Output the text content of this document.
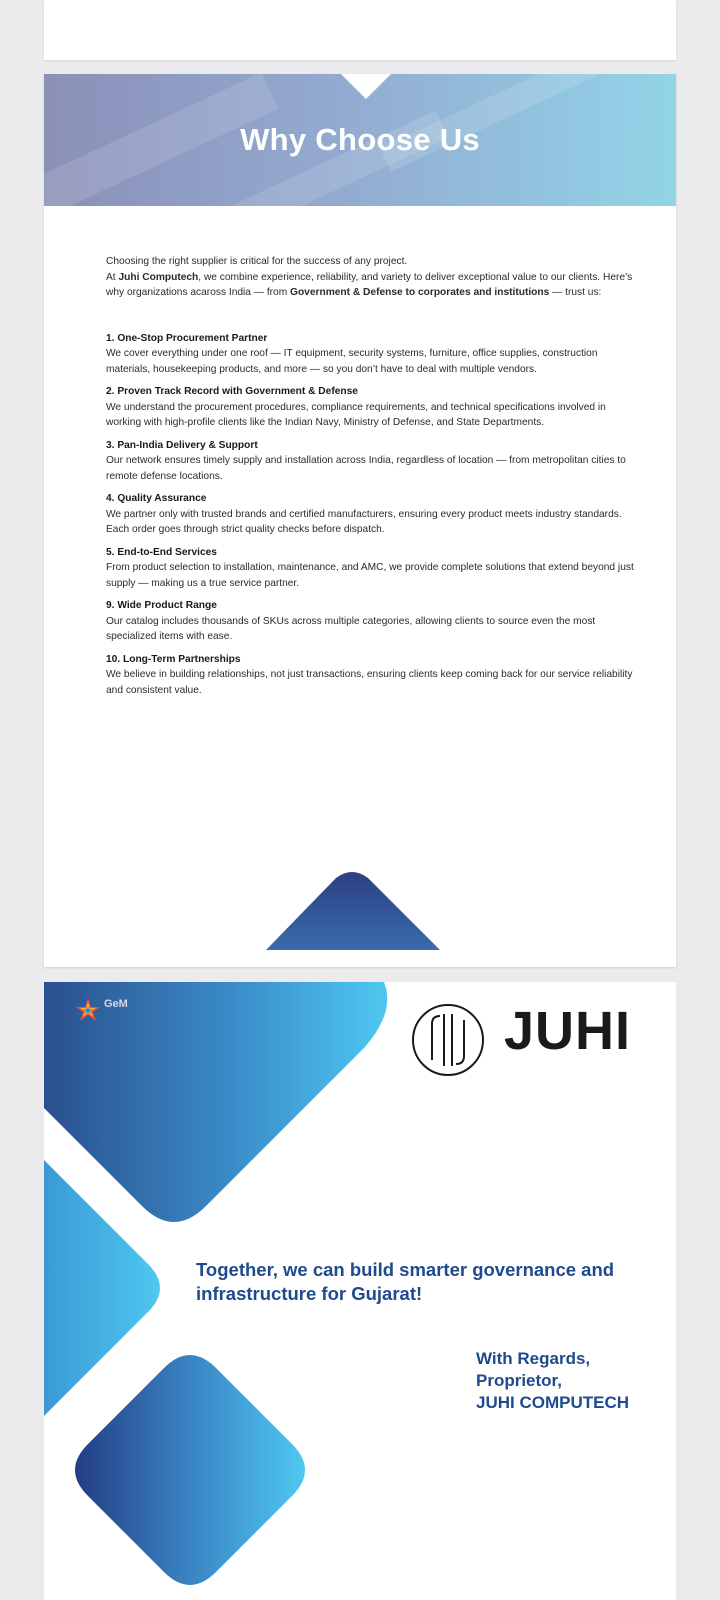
Why Choose Us

Choosing the right supplier is critical for the success of any project.
At Juhi Computech, we combine experience, reliability, and variety to deliver exceptional value to our clients. Here’s why organizations acaross India — from Government & Defense to corporates and institutions — trust us:

1. One-Stop Procurement Partner
We cover everything under one roof — IT equipment, security systems, furniture, office supplies, construction materials, housekeeping products, and more — so you don’t have to deal with multiple vendors.
2. Proven Track Record with Government & Defense
We understand the procurement procedures, compliance requirements, and technical specifications involved in working with high-profile clients like the Indian Navy, Ministry of Defense, and State Departments.
3. Pan-India Delivery & Support
Our network ensures timely supply and installation across India, regardless of location — from metropolitan cities to remote defense locations.
4. Quality Assurance
We partner only with trusted brands and certified manufacturers, ensuring every product meets industry standards. Each order goes through strict quality checks before dispatch.
5. End-to-End Services
From product selection to installation, maintenance, and AMC, we provide complete solutions that extend beyond just supply — making us a true service partner.
9. Wide Product Range
Our catalog includes thousands of SKUs across multiple categories, allowing clients to source even the most specialized items with ease.
10. Long-Term Partnerships
We believe in building relationships, not just transactions, ensuring clients keep coming back for our service reliability and consistent value.
GeM	JUHI
Together, we can build smarter governance and infrastructure for Gujarat!
With Regards,
Proprietor,
JUHI COMPUTECH
